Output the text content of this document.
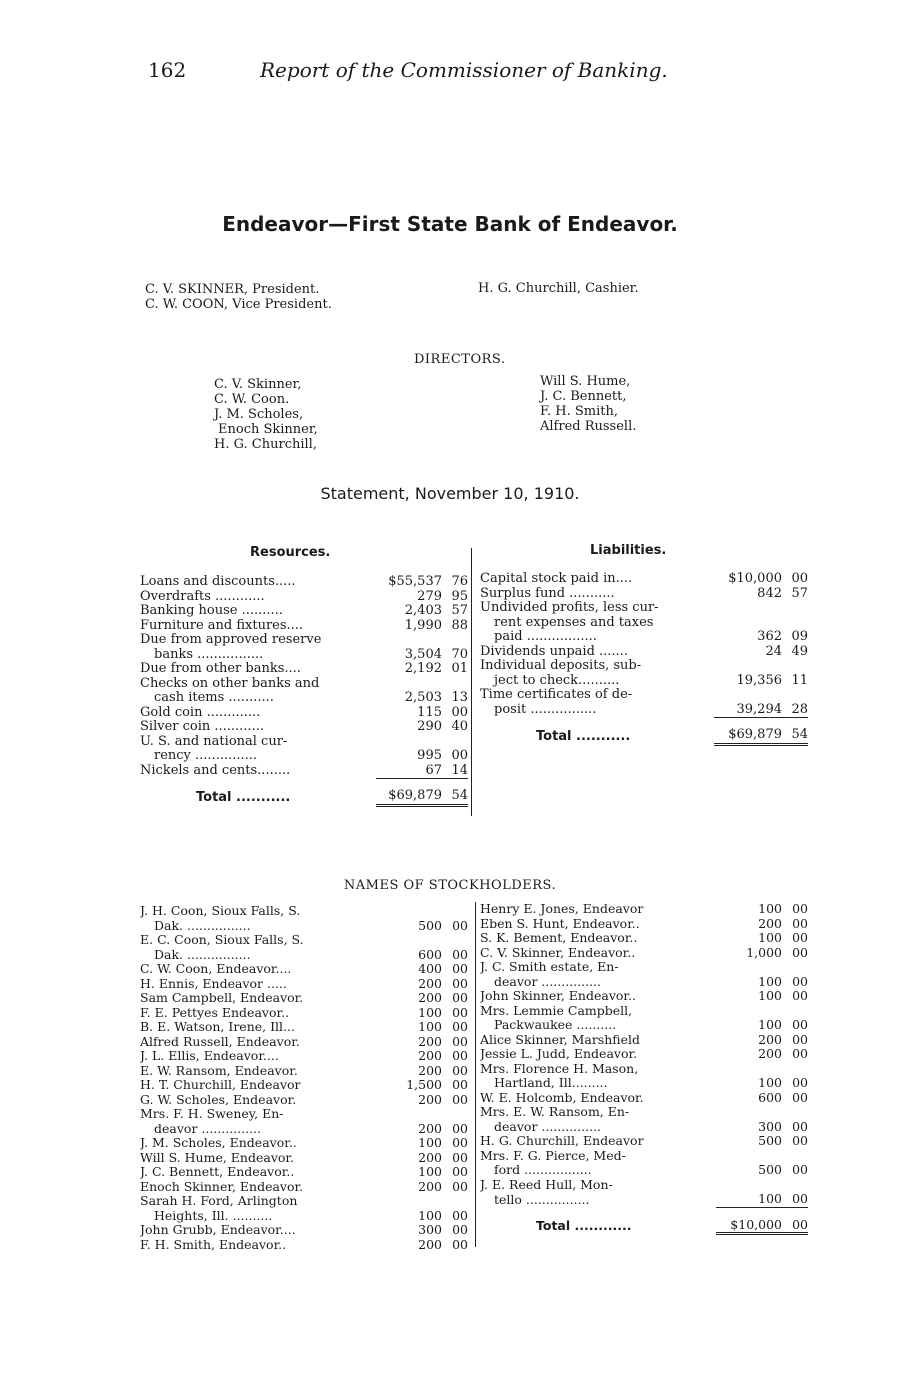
162	Report of the Commissioner of Banking.
Endeavor—First State Bank of Endeavor.
C. V. SKINNER, President.
C. W. COON, Vice President.
H. G. Churchill, Cashier.
DIRECTORS.
C. V. Skinner,
C. W. Coon.
J. M. Scholes,
Enoch Skinner,
H. G. Churchill,
Will S. Hume,
J. C. Bennett,
F. H. Smith,
Alfred Russell.
Statement, November 10, 1910.
Resources.	Liabilities.
Loans and discounts.....	$55,537	76
Overdrafts ............	279	95
Banking house ..........	2,403	57
Furniture and fixtures....	1,990	88
Due from approved reserve		
banks ................	3,504	70
Due from other banks....	2,192	01
Checks on other banks and		
cash items ...........	2,503	13
Gold coin .............	115	00
Silver coin ............	290	40
U. S. and national cur-		
rency ...............	995	00
Nickels and cents........	67	14
Total ...........	$69,879	54
Capital stock paid in....	$10,000	00
Surplus fund ...........	842	57
Undivided profits, less cur-		
rent expenses and taxes		
paid .................	362	09
Dividends unpaid .......	24	49
Individual deposits, sub-		
ject to check..........	19,356	11
Time certificates of de-		
posit ................	39,294	28
Total ...........	$69,879	54
NAMES OF STOCKHOLDERS.
J. H. Coon, Sioux Falls, S.		
Dak. ................	500	00
E. C. Coon, Sioux Falls, S.		
Dak. ................	600	00
C. W. Coon, Endeavor....	400	00
H. Ennis, Endeavor .....	200	00
Sam Campbell, Endeavor.	200	00
F. E. Pettyes Endeavor..	100	00
B. E. Watson, Irene, Ill...	100	00
Alfred Russell, Endeavor.	200	00
J. L. Ellis, Endeavor....	200	00
E. W. Ransom, Endeavor.	200	00
H. T. Churchill, Endeavor	1,500	00
G. W. Scholes, Endeavor.	200	00
Mrs. F. H. Sweney, En-		
deavor ...............	200	00
J. M. Scholes, Endeavor..	100	00
Will S. Hume, Endeavor.	200	00
J. C. Bennett, Endeavor..	100	00
Enoch Skinner, Endeavor.	200	00
Sarah H. Ford, Arlington		
Heights, Ill. ..........	100	00
John Grubb, Endeavor....	300	00
F. H. Smith, Endeavor..	200	00
Henry E. Jones, Endeavor	100	00
Eben S. Hunt, Endeavor..	200	00
S. K. Bement, Endeavor..	100	00
C. V. Skinner, Endeavor..	1,000	00
J. C. Smith estate, En-		
deavor ...............	100	00
John Skinner, Endeavor..	100	00
Mrs. Lemmie Campbell,		
Packwaukee ..........	100	00
Alice Skinner, Marshfield	200	00
Jessie L. Judd, Endeavor.	200	00
Mrs. Florence H. Mason,		
Hartland, Ill.........	100	00
W. E. Holcomb, Endeavor.	600	00
Mrs. E. W. Ransom, En-		
deavor ...............	300	00
H. G. Churchill, Endeavor	500	00
Mrs. F. G. Pierce, Med-		
ford .................	500	00
J. E. Reed Hull, Mon-		
tello ................	100	00
Total ............	$10,000	00
